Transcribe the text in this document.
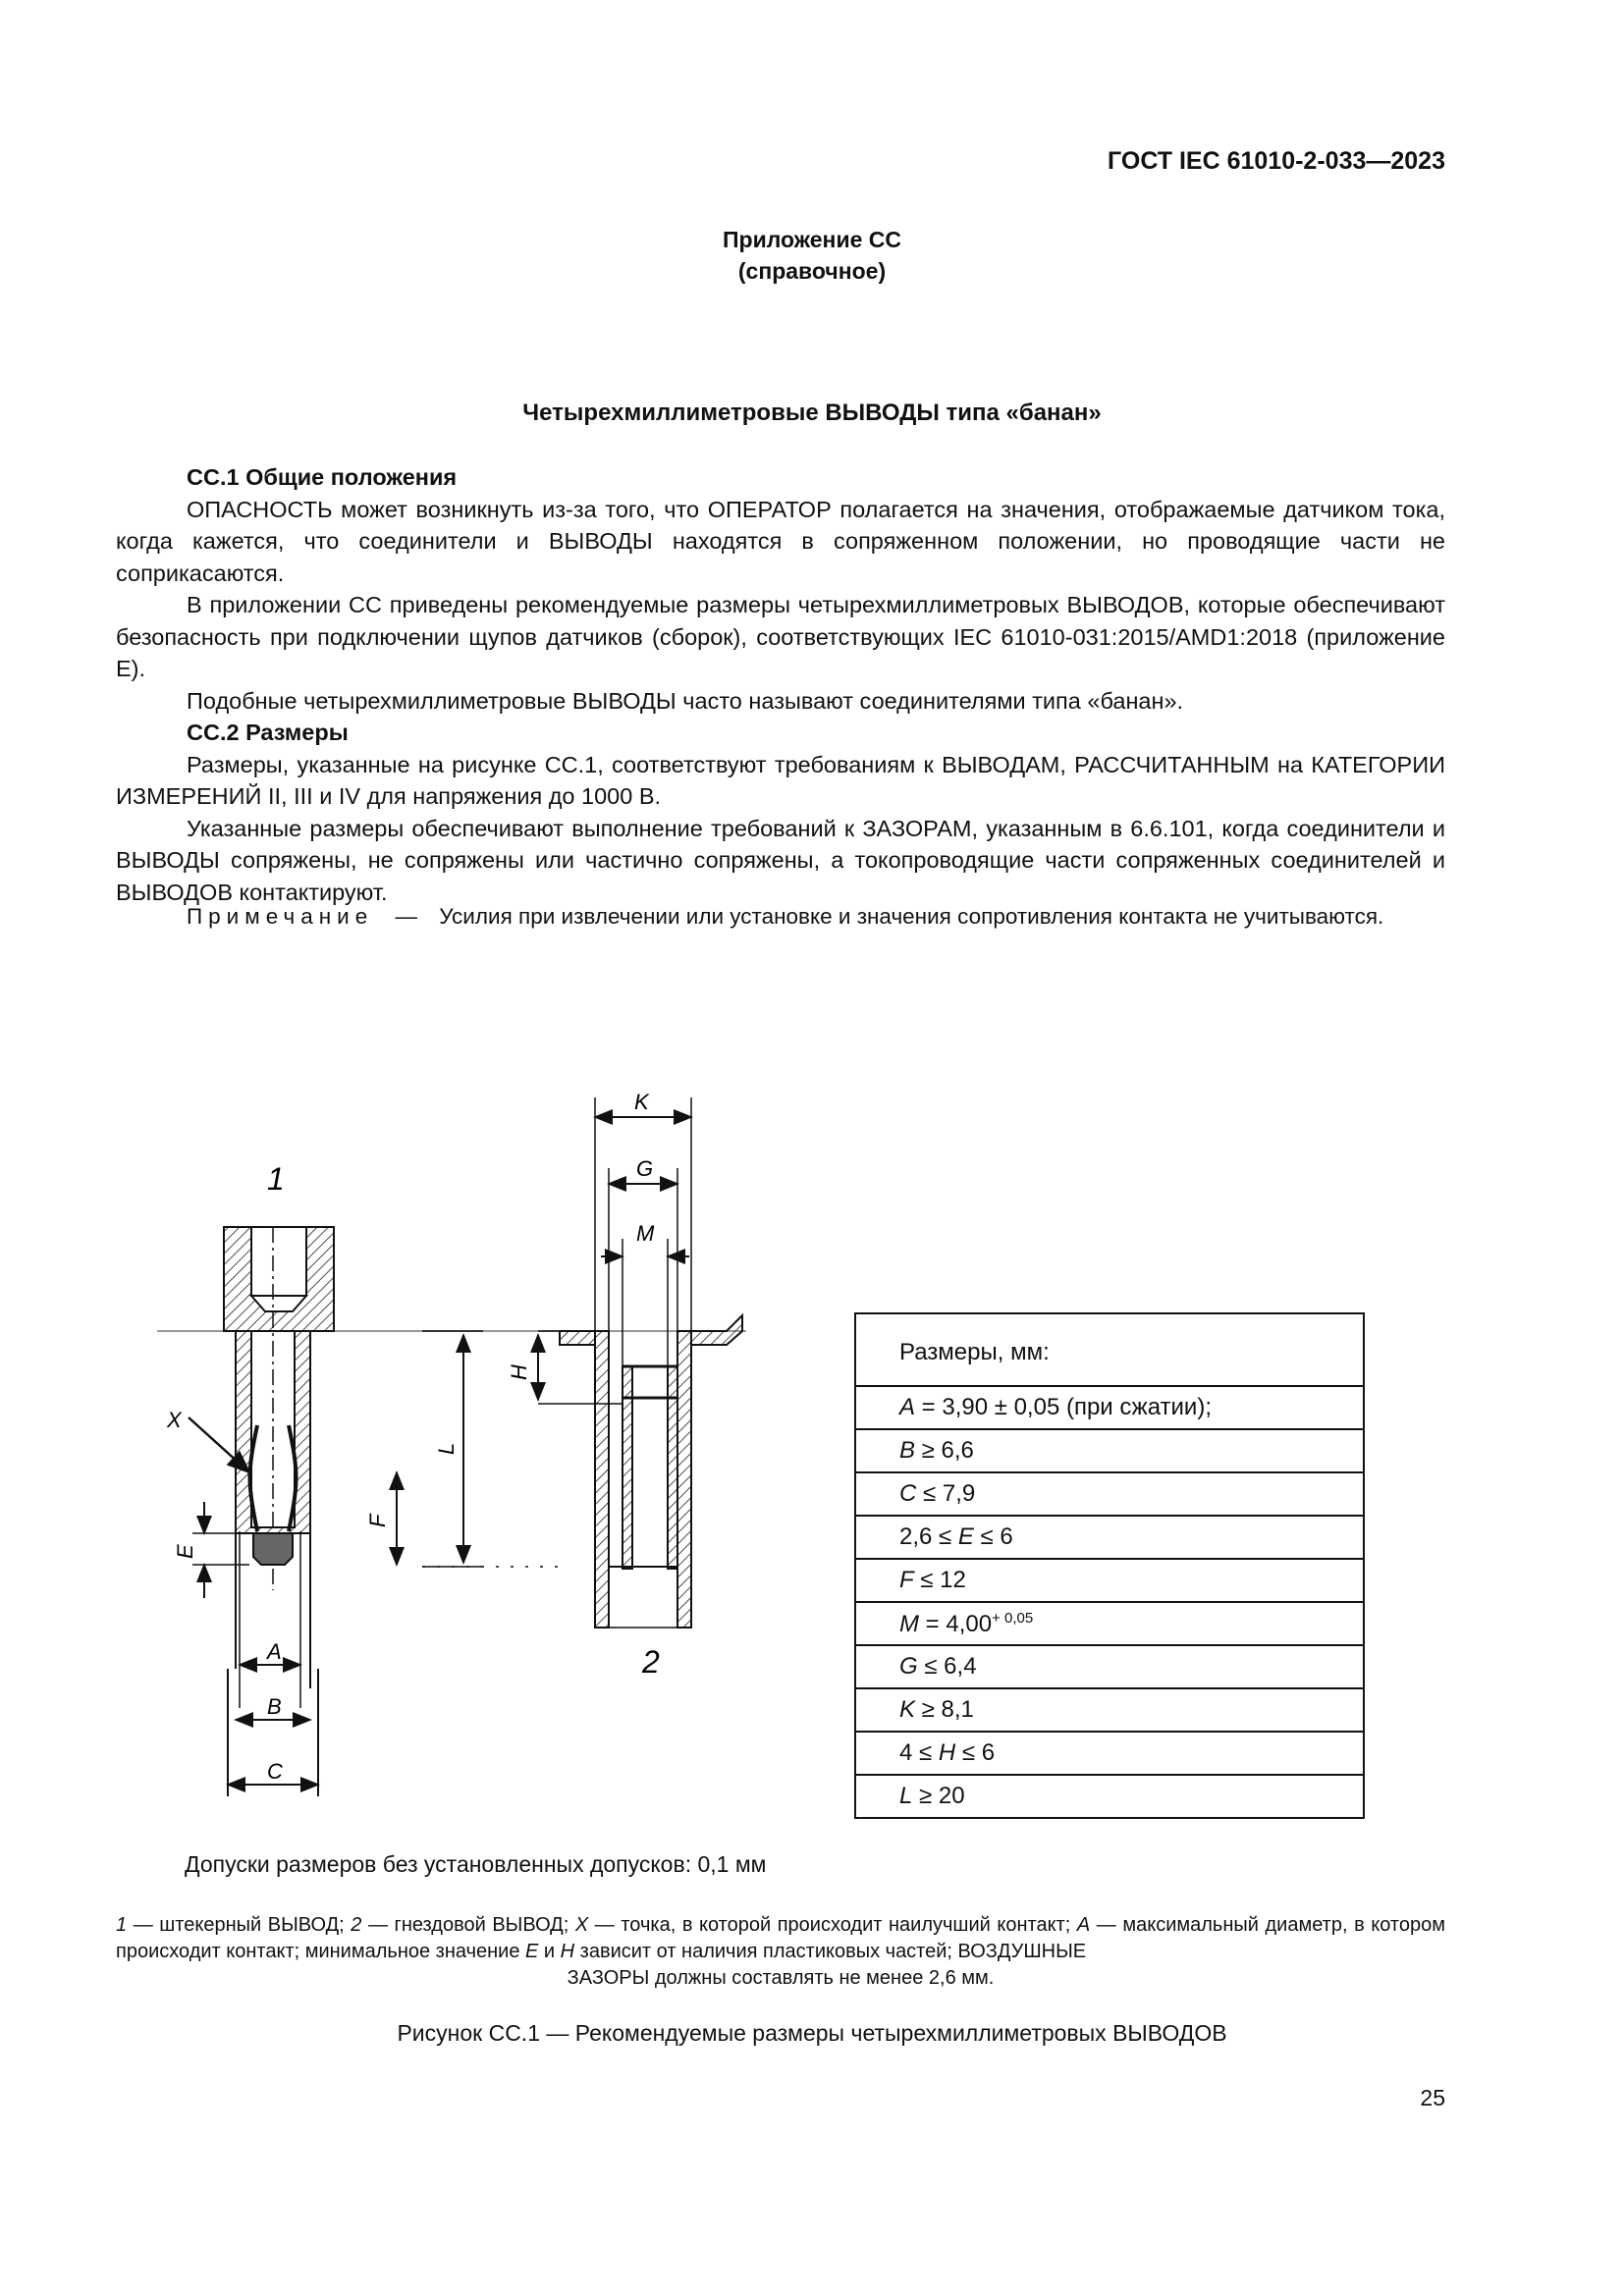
ГОСТ IEC 61010-2-033—2023
Приложение СС
(справочное)
Четырехмиллиметровые ВЫВОДЫ типа «банан»

СС.1 Общие положения

ОПАСНОСТЬ может возникнуть из-за того, что ОПЕРАТОР полагается на значения, отображаемые датчиком тока, когда кажется, что соединители и ВЫВОДЫ находятся в сопряженном положении, но проводящие части не соприкасаются.

В приложении СС приведены рекомендуемые размеры четырехмиллиметровых ВЫВОДОВ, которые обеспечивают безопасность при подключении щупов датчиков (сборок), соответствующих IEC 61010-031:2015/AMD1:2018 (приложение Е).

Подобные четырехмиллиметровые ВЫВОДЫ часто называют соединителями типа «банан».

СС.2 Размеры

Размеры, указанные на рисунке СС.1, соответствуют требованиям к ВЫВОДАМ, РАССЧИТАННЫМ на КАТЕГОРИИ ИЗМЕРЕНИЙ II, III и IV для напряжения до 1000 В.

Указанные размеры обеспечивают выполнение требований к ЗАЗОРАМ, указанным в 6.6.101, когда соединители и ВЫВОДЫ сопряжены, не сопряжены или частично сопряжены, а токопроводящие части сопряженных соединителей и ВЫВОДОВ контактируют.

Примечание — Усилия при извлечении или установке и значения сопротивления контакта не учитываются.
1
2
X
A
B
C
E
F
L
H
K
G
M
Размеры, мм:

A = 3,90 ± 0,05 (при сжатии);
B ≥ 6,6
C ≤ 7,9
2,6 ≤ E ≤ 6
F ≤ 12
$M = 4,00^{+ 0,05}$
G ≤ 6,4
K ≥ 8,1
4 ≤ H ≤ 6
L ≥ 20
Допуски размеров без установленных допусков: 0,1 мм
1 — штекерный ВЫВОД; 2 — гнездовой ВЫВОД; X — точка, в которой происходит наилучший контакт; A — максимальный диаметр, в котором происходит контакт; минимальное значение E и H зависит от наличия пластиковых частей; ВОЗДУШНЫЕ
ЗАЗОРЫ должны составлять не менее 2,6 мм.
Рисунок СС.1 — Рекомендуемые размеры четырехмиллиметровых ВЫВОДОВ
25
